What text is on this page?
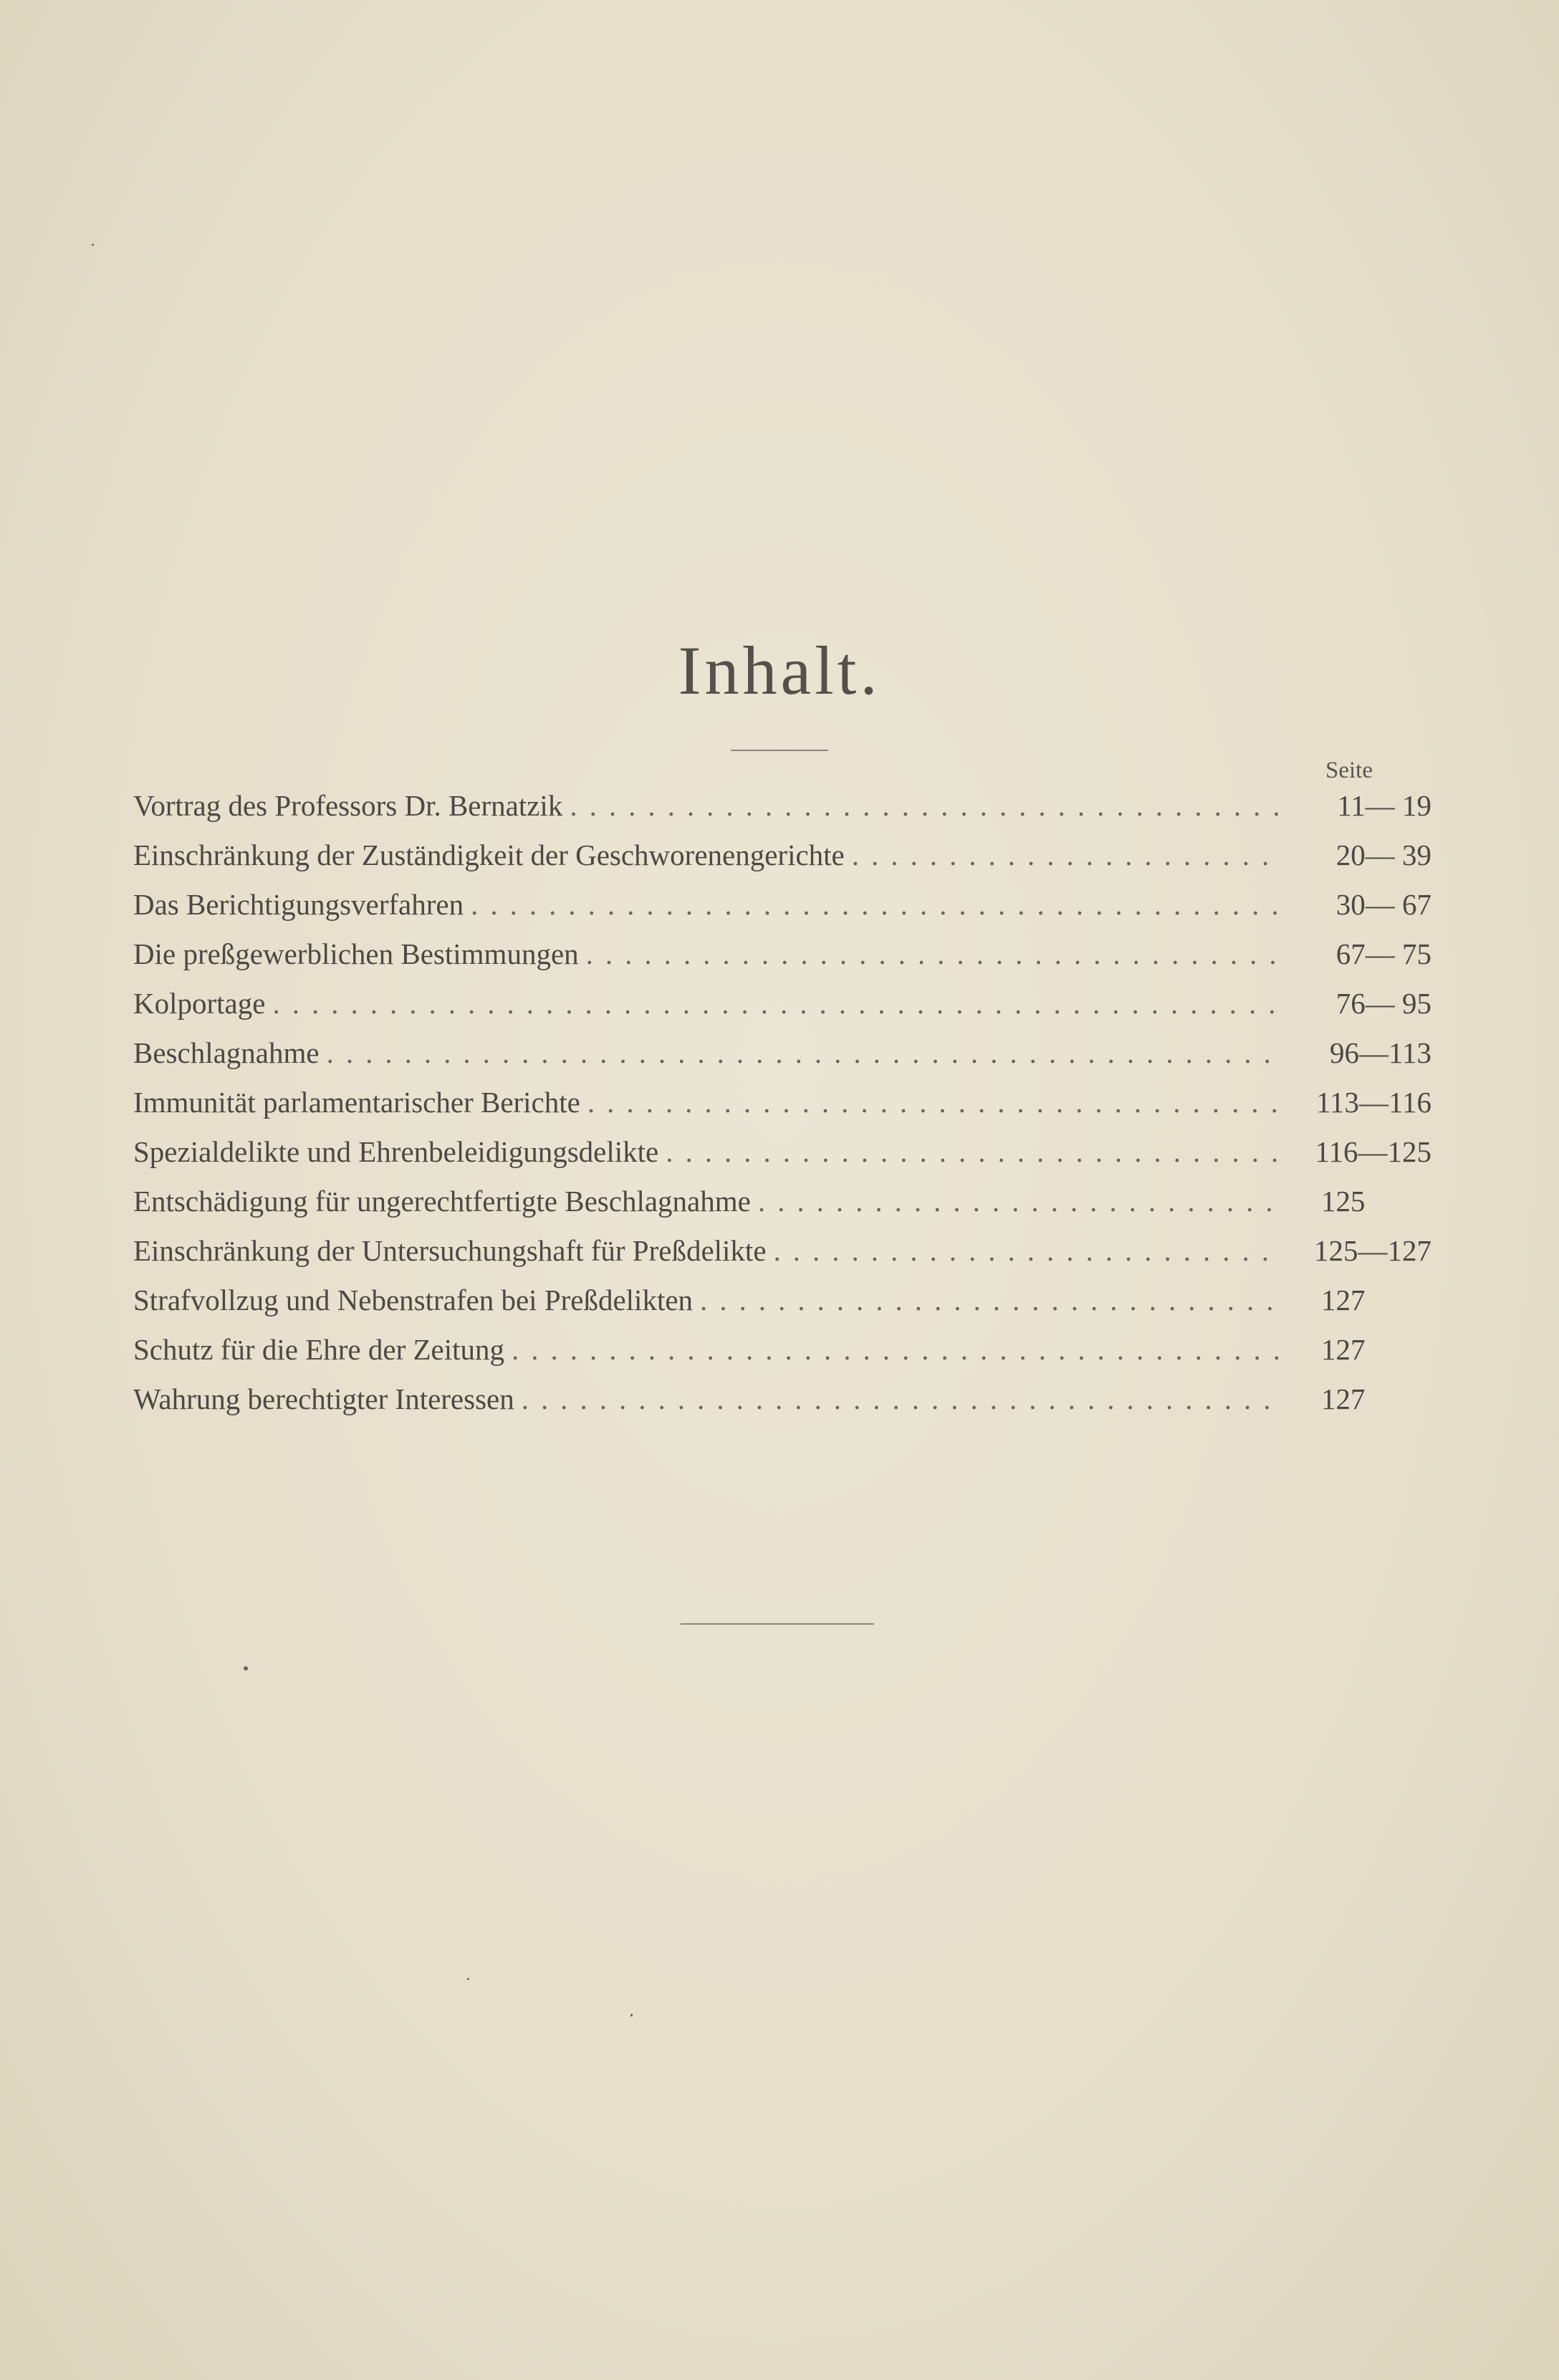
Inhalt.
Seite
Vortrag des Professors Dr. Bernatzik .....	11— 19
Einschränkung der Zuständigkeit der Geschworenengerichte .....	20— 39
Das Berichtigungsverfahren .....	30— 67
Die preßgewerblichen Bestimmungen .....	67— 75
Kolportage .....	76— 95
Beschlagnahme .....	96—113
Immunität parlamentarischer Berichte .....	113—116
Spezialdelikte und Ehrenbeleidigungsdelikte .....	116—125
Entschädigung für ungerechtfertigte Beschlagnahme .....	125
Einschränkung der Untersuchungshaft für Preßdelikte .....	125—127
Strafvollzug und Nebenstrafen bei Preßdelikten .....	127
Schutz für die Ehre der Zeitung .....	127
Wahrung berechtigter Interessen .....	127
